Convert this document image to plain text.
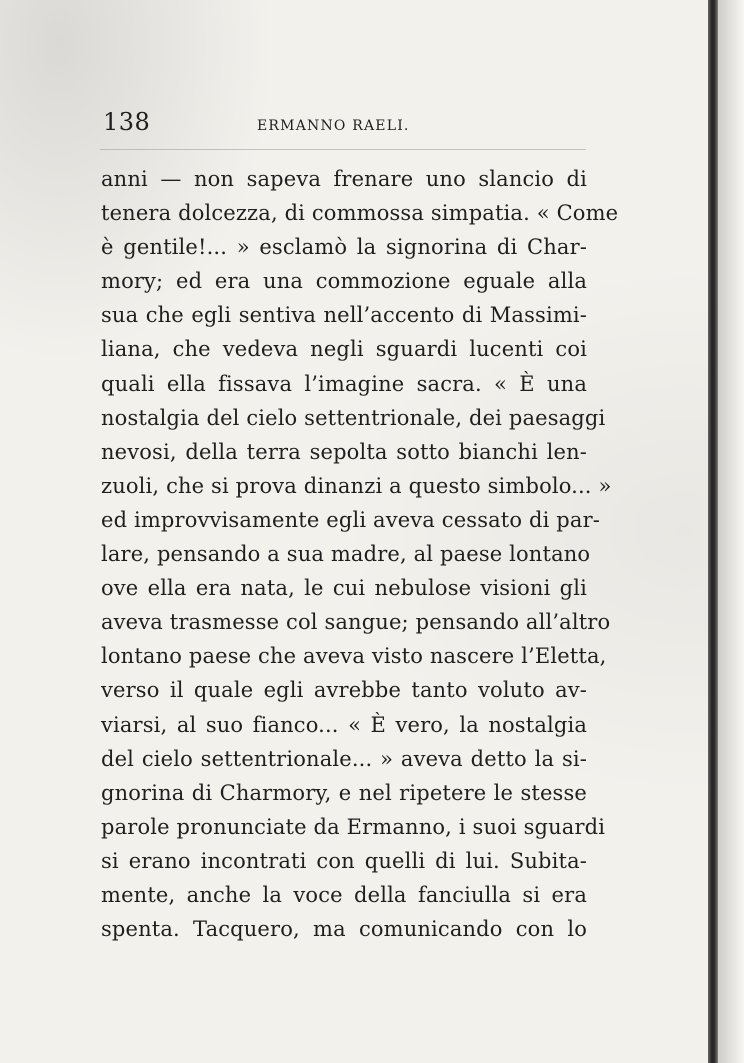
138	ERMANNO RAELI.
anni — non sapeva frenare uno slancio di
tenera dolcezza, di commossa simpatia. « Come
è gentile!... » esclamò la signorina di Char-
mory; ed era una commozione eguale alla
sua che egli sentiva nell’accento di Massimi-
liana, che vedeva negli sguardi lucenti coi
quali ella fissava l’imagine sacra. « È una
nostalgia del cielo settentrionale, dei paesaggi
nevosi, della terra sepolta sotto bianchi len-
zuoli, che si prova dinanzi a questo simbolo... »
ed improvvisamente egli aveva cessato di par-
lare, pensando a sua madre, al paese lontano
ove ella era nata, le cui nebulose visioni gli
aveva trasmesse col sangue; pensando all’altro
lontano paese che aveva visto nascere l’Eletta,
verso il quale egli avrebbe tanto voluto av-
viarsi, al suo fianco... « È vero, la nostalgia
del cielo settentrionale... » aveva detto la si-
gnorina di Charmory, e nel ripetere le stesse
parole pronunciate da Ermanno, i suoi sguardi
si erano incontrati con quelli di lui. Subita-
mente, anche la voce della fanciulla si era
spenta. Tacquero, ma comunicando con lo
